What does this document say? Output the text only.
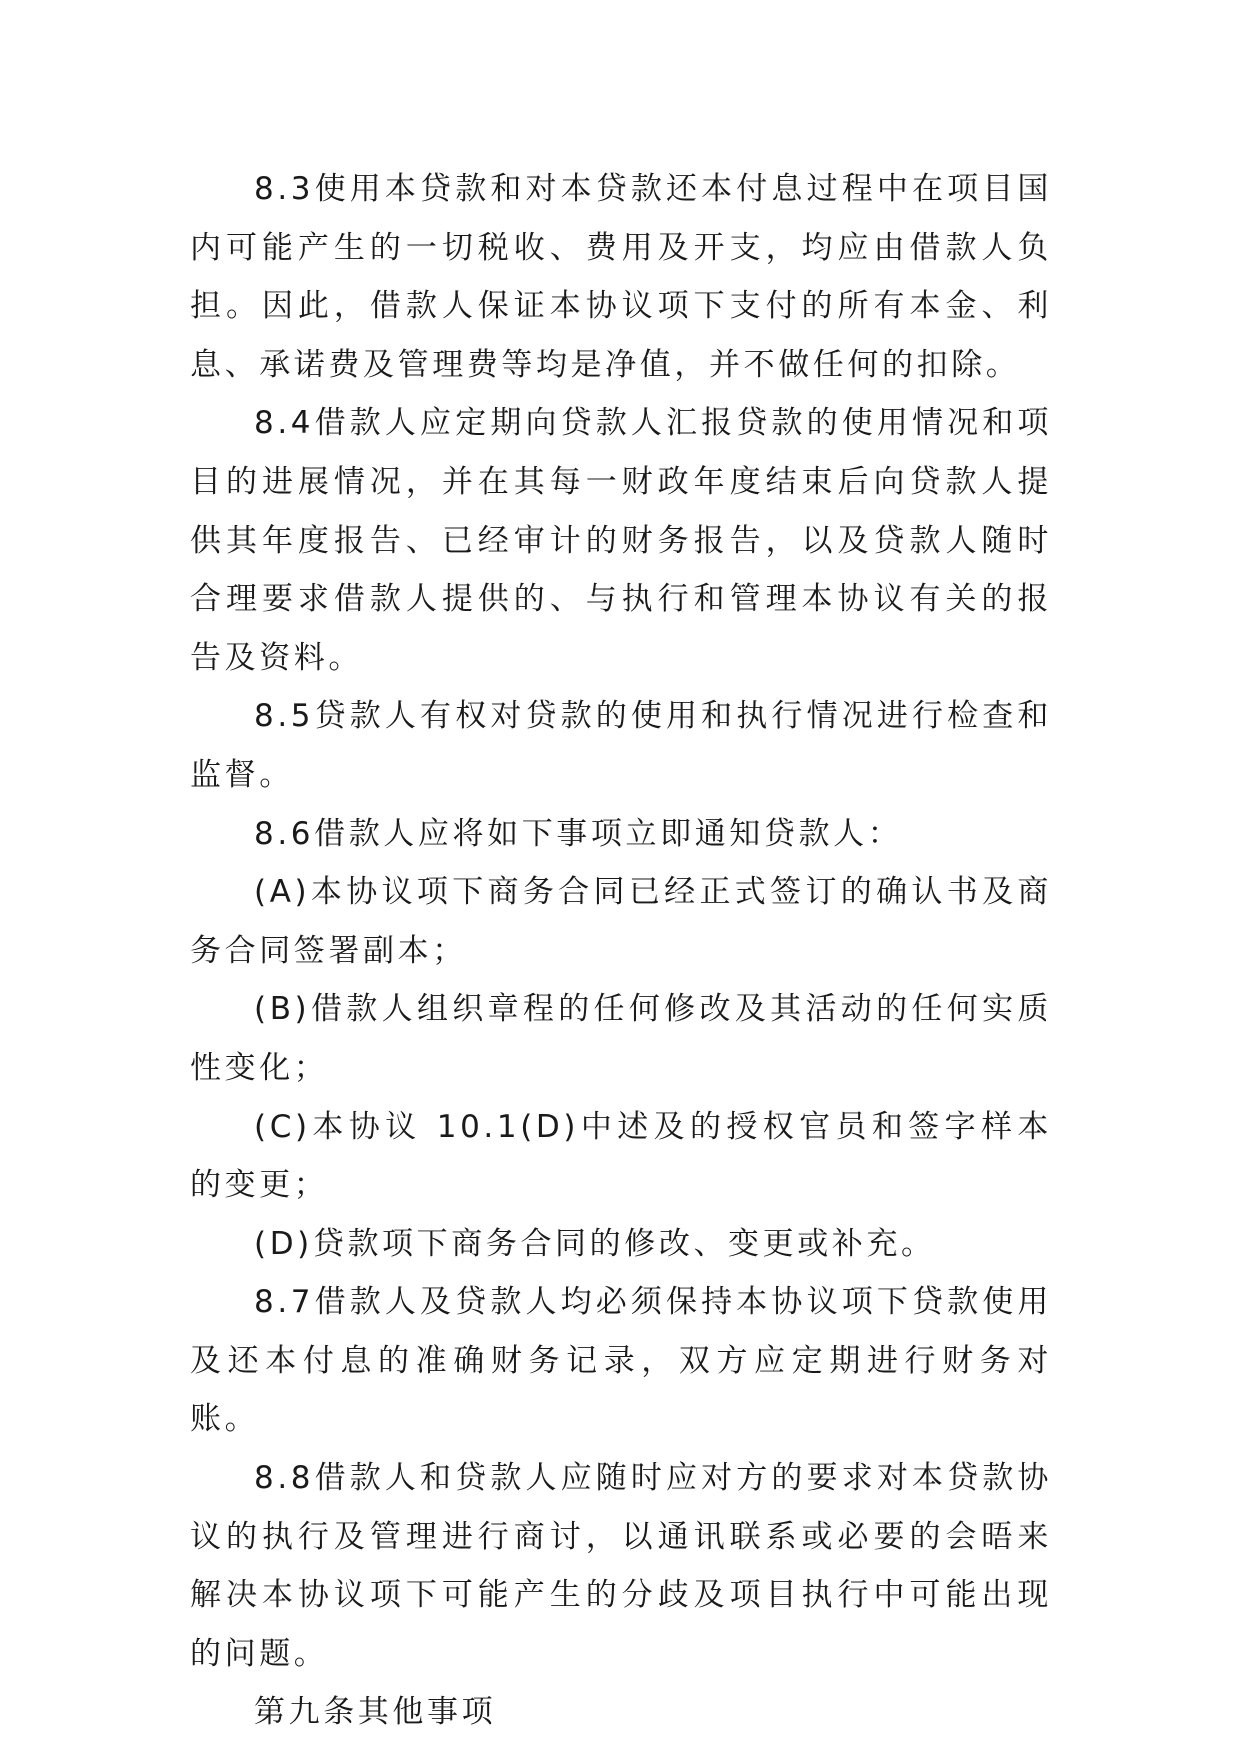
8.3使用本贷款和对本贷款还本付息过程中在项目国内可能产生的一切税收、费用及开支，均应由借款人负担。因此，借款人保证本协议项下支付的所有本金、利息、承诺费及管理费等均是净值，并不做任何的扣除。

8.4借款人应定期向贷款人汇报贷款的使用情况和项目的进展情况，并在其每一财政年度结束后向贷款人提供其年度报告、已经审计的财务报告，以及贷款人随时合理要求借款人提供的、与执行和管理本协议有关的报告及资料。

8.5贷款人有权对贷款的使用和执行情况进行检查和监督。

8.6借款人应将如下事项立即通知贷款人：

(A)本协议项下商务合同已经正式签订的确认书及商务合同签署副本；

(B)借款人组织章程的任何修改及其活动的任何实质性变化；

(C)本协议 10.1(D)中述及的授权官员和签字样本的变更；

(D)贷款项下商务合同的修改、变更或补充。

8.7借款人及贷款人均必须保持本协议项下贷款使用及还本付息的准确财务记录，双方应定期进行财务对账。

8.8借款人和贷款人应随时应对方的要求对本贷款协议的执行及管理进行商讨，以通讯联系或必要的会晤来解决本协议项下可能产生的分歧及项目执行中可能出现的问题。

第九条其他事项
